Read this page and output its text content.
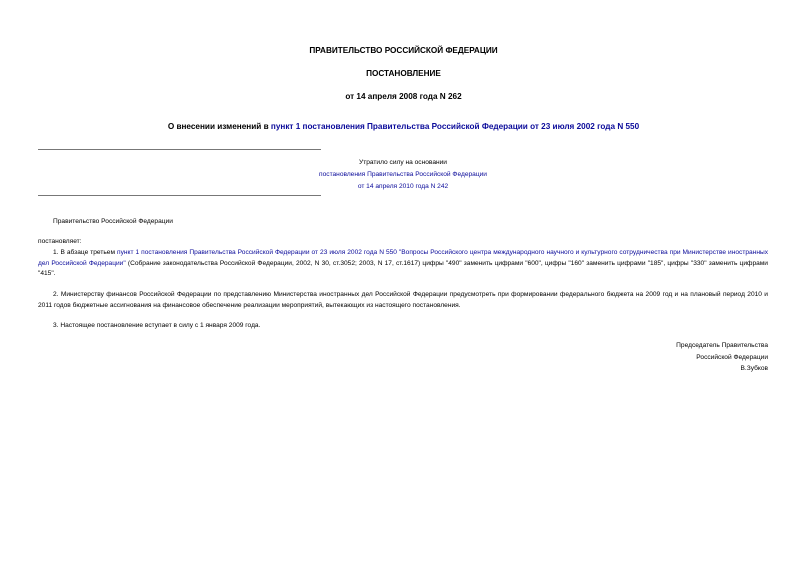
ПРАВИТЕЛЬСТВО РОССИЙСКОЙ ФЕДЕРАЦИИ
ПОСТАНОВЛЕНИЕ
от 14 апреля 2008 года N 262
О внесении изменений в пункт 1 постановления Правительства Российской Федерации от 23 июля 2002 года N 550
Утратило силу на основании
постановления Правительства Российской Федерации
от 14 апреля 2010 года N 242
Правительство Российской Федерации
постановляет:
1. В абзаце третьем пункт 1 постановления Правительства Российской Федерации от 23 июля 2002 года N 550 "Вопросы Российского центра международного научного и культурного сотрудничества при Министерстве иностранных дел Российской Федерации" (Собрание законодательства Российской Федерации, 2002, N 30, ст.3052; 2003, N 17, ст.1617) цифры "490" заменить цифрами "600", цифры "160" заменить цифрами "185", цифры "330" заменить цифрами "415".
2. Министерству финансов Российской Федерации по представлению Министерства иностранных дел Российской Федерации предусмотреть при формировании федерального бюджета на 2009 год и на плановый период 2010 и 2011 годов бюджетные ассигнования на финансовое обеспечение реализации мероприятий, вытекающих из настоящего постановления.
3. Настоящее постановление вступает в силу с 1 января 2009 года.
Председатель Правительства
Российской Федерации
В.Зубков
